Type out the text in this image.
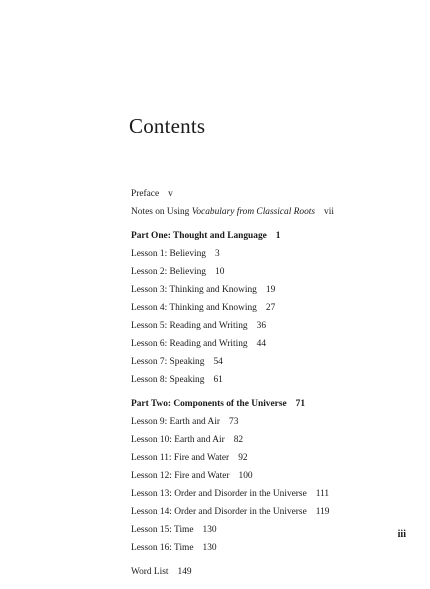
Contents
Preface v
Notes on Using Vocabulary from Classical Roots vii
Part One: Thought and Language 1
Lesson 1: Believing 3
Lesson 2: Believing 10
Lesson 3: Thinking and Knowing 19
Lesson 4: Thinking and Knowing 27
Lesson 5: Reading and Writing 36
Lesson 6: Reading and Writing 44
Lesson 7: Speaking 54
Lesson 8: Speaking 61
Part Two: Components of the Universe 71
Lesson 9: Earth and Air 73
Lesson 10: Earth and Air 82
Lesson 11: Fire and Water 92
Lesson 12: Fire and Water 100
Lesson 13: Order and Disorder in the Universe 111
Lesson 14: Order and Disorder in the Universe 119
Lesson 15: Time 130
Lesson 16: Time 130
Word List 149
iii
